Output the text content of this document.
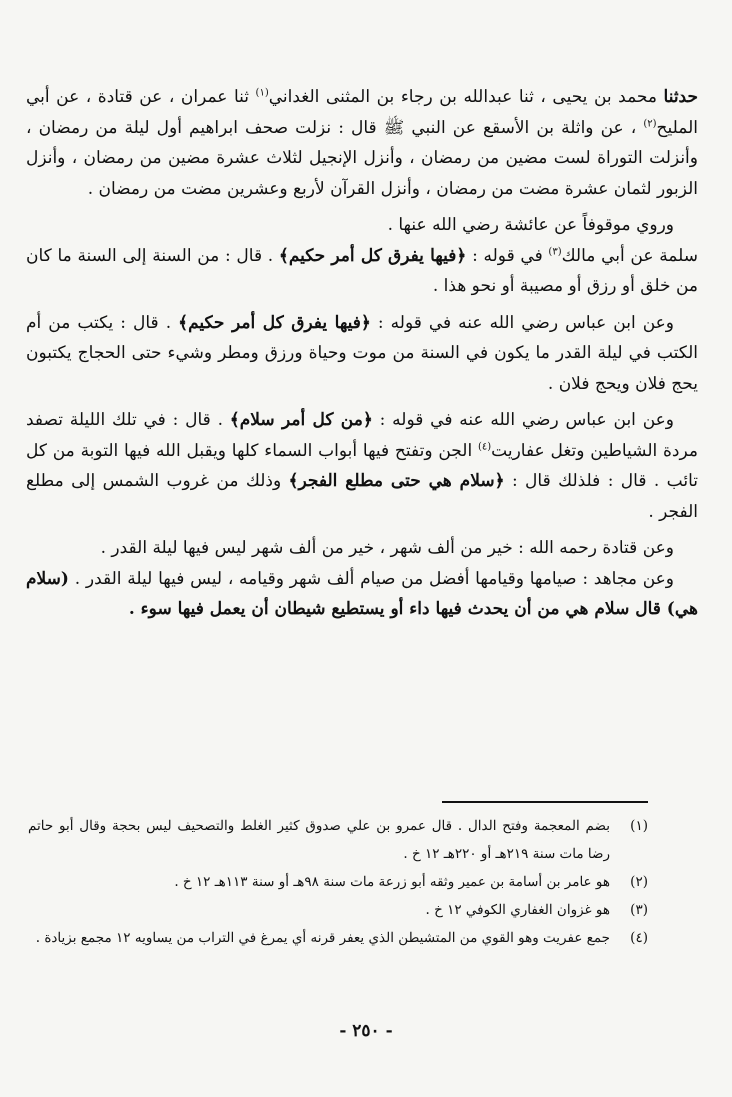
حدثنا محمد بن يحيى ، ثنا عبدالله بن رجاء بن المثنى الغداني$^{(١)}$ ثنا عمران ، عن قتادة ، عن أبي المليح$^{(٢)}$ ، عن واثلة بن الأسقع عن النبي ﷺ قال : نزلت صحف ابراهيم أول ليلة من رمضان ، وأنزلت التوراة لست مضين من رمضان ، وأنزل الإنجيل لثلاث عشرة مضين من رمضان ، وأنزل الزبور لثمان عشرة مضت من رمضان ، وأنزل القرآن لأربع وعشرين مضت من رمضان .

وروي موقوفاً عن عائشة رضي الله عنها .

سلمة عن أبي مالك$^{(٣)}$ في قوله : ﴿فيها يفرق كل أمر حكيم﴾ . قال : من السنة إلى السنة ما كان من خلق أو رزق أو مصيبة أو نحو هذا .

وعن ابن عباس رضي الله عنه في قوله : ﴿فيها يفرق كل أمر حكيم﴾ . قال : يكتب من أم الكتب في ليلة القدر ما يكون في السنة من موت وحياة ورزق ومطر وشيء حتى الحجاج يكتبون يحج فلان ويحج فلان .

وعن ابن عباس رضي الله عنه في قوله : ﴿من كل أمر سلام﴾ . قال : في تلك الليلة تصفد مردة الشياطين وتغل عفاريت$^{(٤)}$ الجن وتفتح فيها أبواب السماء كلها ويقبل الله فيها التوبة من كل تائب . قال : فلذلك قال : ﴿سلام هي حتى مطلع الفجر﴾ وذلك من غروب الشمس إلى مطلع الفجر .

وعن قتادة رحمه الله : خير من ألف شهر ، خير من ألف شهر ليس فيها ليلة القدر .

وعن مجاهد : صيامها وقيامها أفضل من صيام ألف شهر وقيامه ، ليس فيها ليلة القدر . (سلام هي) قال سلام هي من أن يحدث فيها داء أو يستطيع شيطان أن يعمل فيها سوء .

(١)
بضم المعجمة وفتح الدال . قال عمرو بن علي صدوق كثير الغلط والتصحيف ليس بحجة وقال أبو حاتم رضا مات سنة ٢١٩هـ أو ٢٢٠هـ ١٢ خ .
(٢)
هو عامر بن أسامة بن عمير وثقه أبو زرعة مات سنة ٩٨هـ أو سنة ١١٣هـ ١٢ خ .
(٣)
هو غزوان الغفاري الكوفي ١٢ خ .
(٤)
جمع عفريت وهو القوي من المتشيطن الذي يعفر قرنه أي يمرغ في التراب من يساويه ١٢ مجمع بزيادة .
- ٢٥٠ -
